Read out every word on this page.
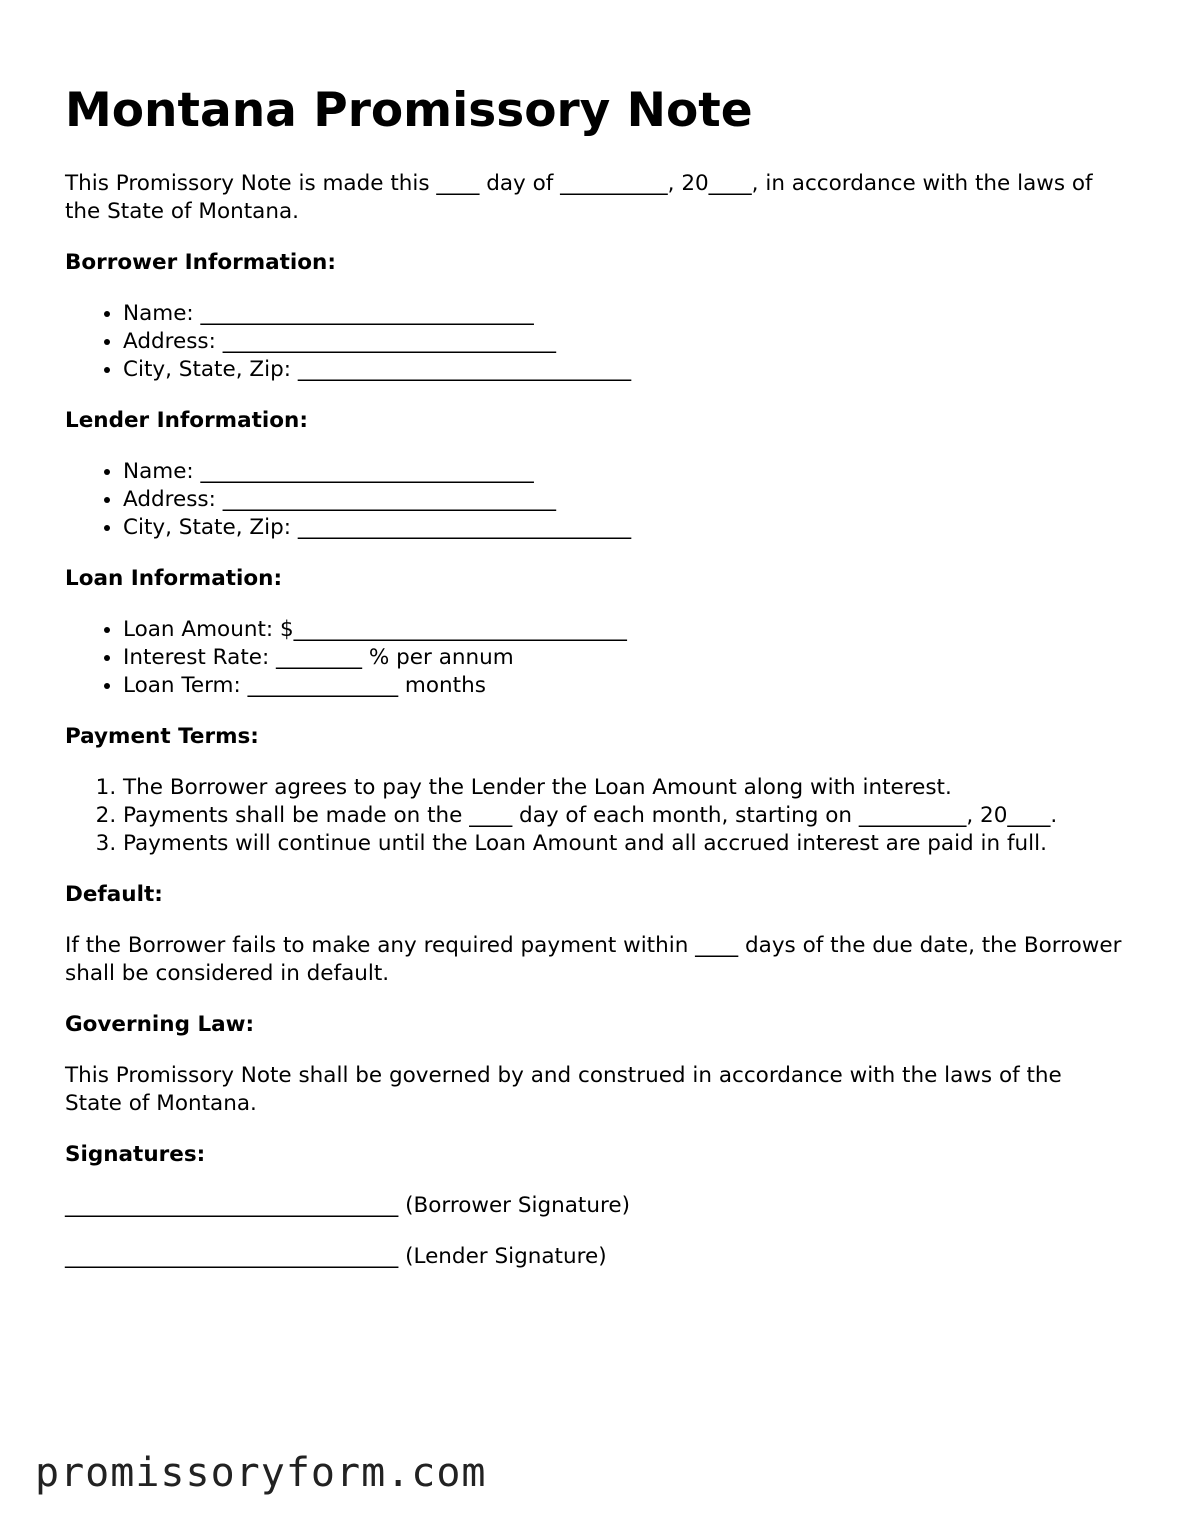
Montana Promissory Note

This Promissory Note is made this ____ day of __________, 20____, in accordance with the laws of the State of Montana.

Borrower Information:
• Name: _______________________________
• Address: _______________________________
• City, State, Zip: _______________________________
Lender Information:
• Name: _______________________________
• Address: _______________________________
• City, State, Zip: _______________________________
Loan Information:
• Loan Amount: $_______________________________
• Interest Rate: ________ % per annum
• Loan Term: ______________ months
Payment Terms:
1. The Borrower agrees to pay the Lender the Loan Amount along with interest.
2. Payments shall be made on the ____ day of each month, starting on __________, 20____.
3. Payments will continue until the Loan Amount and all accrued interest are paid in full.
Default:

If the Borrower fails to make any required payment within ____ days of the due date, the Borrower shall be considered in default.

Governing Law:

This Promissory Note shall be governed by and construed in accordance with the laws of the State of Montana.

Signatures:
_______________________________ (Borrower Signature)
_______________________________ (Lender Signature)
promissoryform.com
